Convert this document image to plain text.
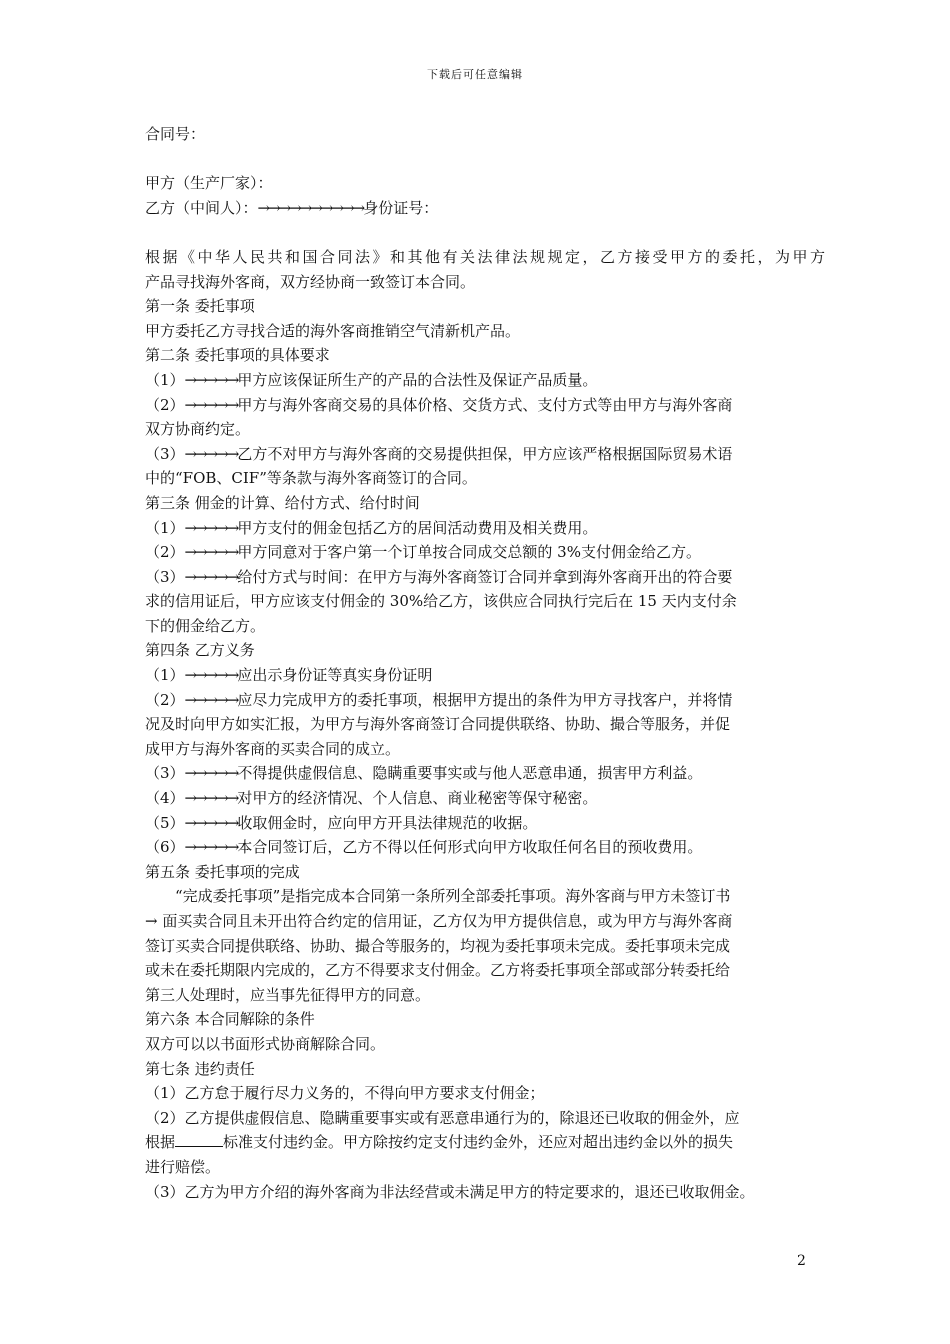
下载后可任意编辑
合同号：
甲方（生产厂家）：
乙方（中间人）：→→→→→→→→→→身份证号：
根据《中华人民共和国合同法》和其他有关法律法规规定，乙方接受甲方的委托，为甲方
产品寻找海外客商，双方经协商一致签订本合同。
第一条 委托事项
甲方委托乙方寻找合适的海外客商推销空气清新机产品。
第二条 委托事项的具体要求
（1）→→→→→甲方应该保证所生产的产品的合法性及保证产品质量。
（2）→→→→→甲方与海外客商交易的具体价格、交货方式、支付方式等由甲方与海外客商
双方协商约定。
（3）→→→→→乙方不对甲方与海外客商的交易提供担保，甲方应该严格根据国际贸易术语
中的“FOB、CIF”等条款与海外客商签订的合同。
第三条 佣金的计算、给付方式、给付时间
（1）→→→→→甲方支付的佣金包括乙方的居间活动费用及相关费用。
（2）→→→→→甲方同意对于客户第一个订单按合同成交总额的 3%支付佣金给乙方。
（3）→→→→→给付方式与时间：在甲方与海外客商签订合同并拿到海外客商开出的符合要
求的信用证后，甲方应该支付佣金的 30%给乙方，该供应合同执行完后在 15 天内支付余
下的佣金给乙方。
第四条 乙方义务
（1）→→→→→应出示身份证等真实身份证明
（2）→→→→→应尽力完成甲方的委托事项，根据甲方提出的条件为甲方寻找客户，并将情
况及时向甲方如实汇报，为甲方与海外客商签订合同提供联络、协助、撮合等服务，并促
成甲方与海外客商的买卖合同的成立。
（3）→→→→→不得提供虚假信息、隐瞒重要事实或与他人恶意串通，损害甲方利益。
（4）→→→→→对甲方的经济情况、个人信息、商业秘密等保守秘密。
（5）→→→→→收取佣金时，应向甲方开具法律规范的收据。
（6）→→→→→本合同签订后，乙方不得以任何形式向甲方收取任何名目的预收费用。
第五条 委托事项的完成
“完成委托事项”是指完成本合同第一条所列全部委托事项。海外客商与甲方未签订书
→ 面买卖合同且未开出符合约定的信用证，乙方仅为甲方提供信息，或为甲方与海外客商
签订买卖合同提供联络、协助、撮合等服务的，均视为委托事项未完成。委托事项未完成
或未在委托期限内完成的，乙方不得要求支付佣金。乙方将委托事项全部或部分转委托给
第三人处理时，应当事先征得甲方的同意。
第六条 本合同解除的条件
双方可以以书面形式协商解除合同。
第七条 违约责任
（1）乙方怠于履行尽力义务的，不得向甲方要求支付佣金；
（2）乙方提供虚假信息、隐瞒重要事实或有恶意串通行为的，除退还已收取的佣金外，应
根据	标准支付违约金。甲方除按约定支付违约金外，还应对超出违约金以外的损失
进行赔偿。
（3）乙方为甲方介绍的海外客商为非法经营或未满足甲方的特定要求的，退还已收取佣金。
2
